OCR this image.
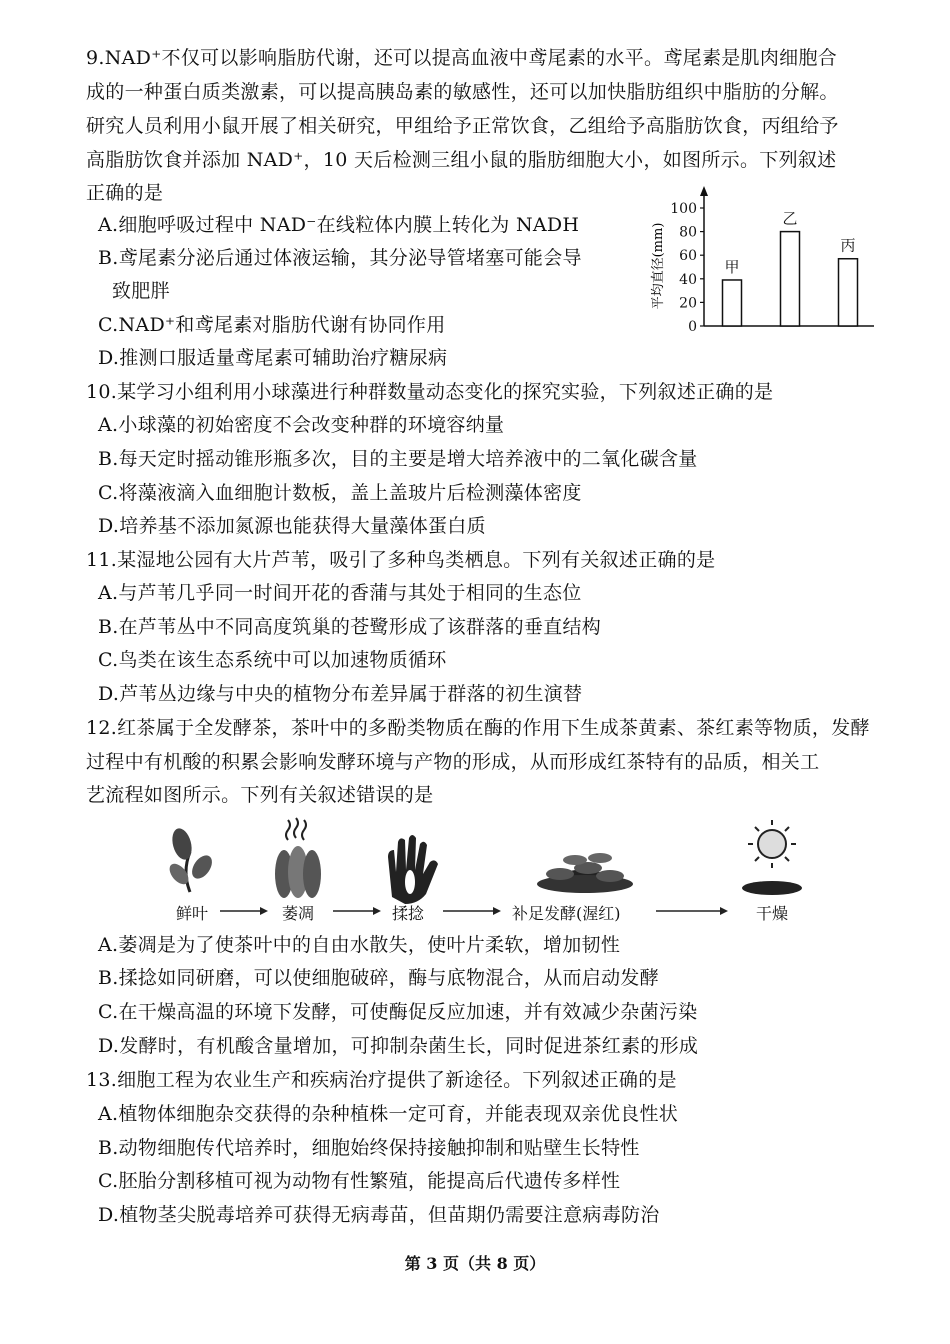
9.NAD⁺不仅可以影响脂肪代谢，还可以提高血液中鸢尾素的水平。鸢尾素是肌肉细胞合
成的一种蛋白质类激素，可以提高胰岛素的敏感性，还可以加快脂肪组织中脂肪的分解。
研究人员利用小鼠开展了相关研究，甲组给予正常饮食，乙组给予高脂肪饮食，丙组给予
高脂肪饮食并添加 NAD⁺，10 天后检测三组小鼠的脂肪细胞大小，如图所示。下列叙述
正确的是
A.细胞呼吸过程中 NAD⁻在线粒体内膜上转化为 NADH
B.鸢尾素分泌后通过体液运输，其分泌导管堵塞可能会导
致肥胖
C.NAD⁺和鸢尾素对脂肪代谢有协同作用
D.推测口服适量鸢尾素可辅助治疗糖尿病
平均直径(mm)
0
20
40
60
80
100
甲
乙
丙
10.某学习小组利用小球藻进行种群数量动态变化的探究实验，下列叙述正确的是
A.小球藻的初始密度不会改变种群的环境容纳量
B.每天定时摇动锥形瓶多次，目的主要是增大培养液中的二氧化碳含量
C.将藻液滴入血细胞计数板，盖上盖玻片后检测藻体密度
D.培养基不添加氮源也能获得大量藻体蛋白质
11.某湿地公园有大片芦苇，吸引了多种鸟类栖息。下列有关叙述正确的是
A.与芦苇几乎同一时间开花的香蒲与其处于相同的生态位
B.在芦苇丛中不同高度筑巢的苍鹭形成了该群落的垂直结构
C.鸟类在该生态系统中可以加速物质循环
D.芦苇丛边缘与中央的植物分布差异属于群落的初生演替
12.红茶属于全发酵茶，茶叶中的多酚类物质在酶的作用下生成茶黄素、茶红素等物质，发酵
过程中有机酸的积累会影响发酵环境与产物的形成，从而形成红茶特有的品质，相关工
艺流程如图所示。下列有关叙述错误的是
鲜叶	萎凋	揉捻	补足发酵(渥红)	干燥
A.萎凋是为了使茶叶中的自由水散失，使叶片柔软，增加韧性
B.揉捻如同研磨，可以使细胞破碎，酶与底物混合，从而启动发酵
C.在干燥高温的环境下发酵，可使酶促反应加速，并有效减少杂菌污染
D.发酵时，有机酸含量增加，可抑制杂菌生长，同时促进茶红素的形成
13.细胞工程为农业生产和疾病治疗提供了新途径。下列叙述正确的是
A.植物体细胞杂交获得的杂种植株一定可育，并能表现双亲优良性状
B.动物细胞传代培养时，细胞始终保持接触抑制和贴壁生长特性
C.胚胎分割移植可视为动物有性繁殖，能提高后代遗传多样性
D.植物茎尖脱毒培养可获得无病毒苗，但苗期仍需要注意病毒防治
第 3 页（共 8 页）
